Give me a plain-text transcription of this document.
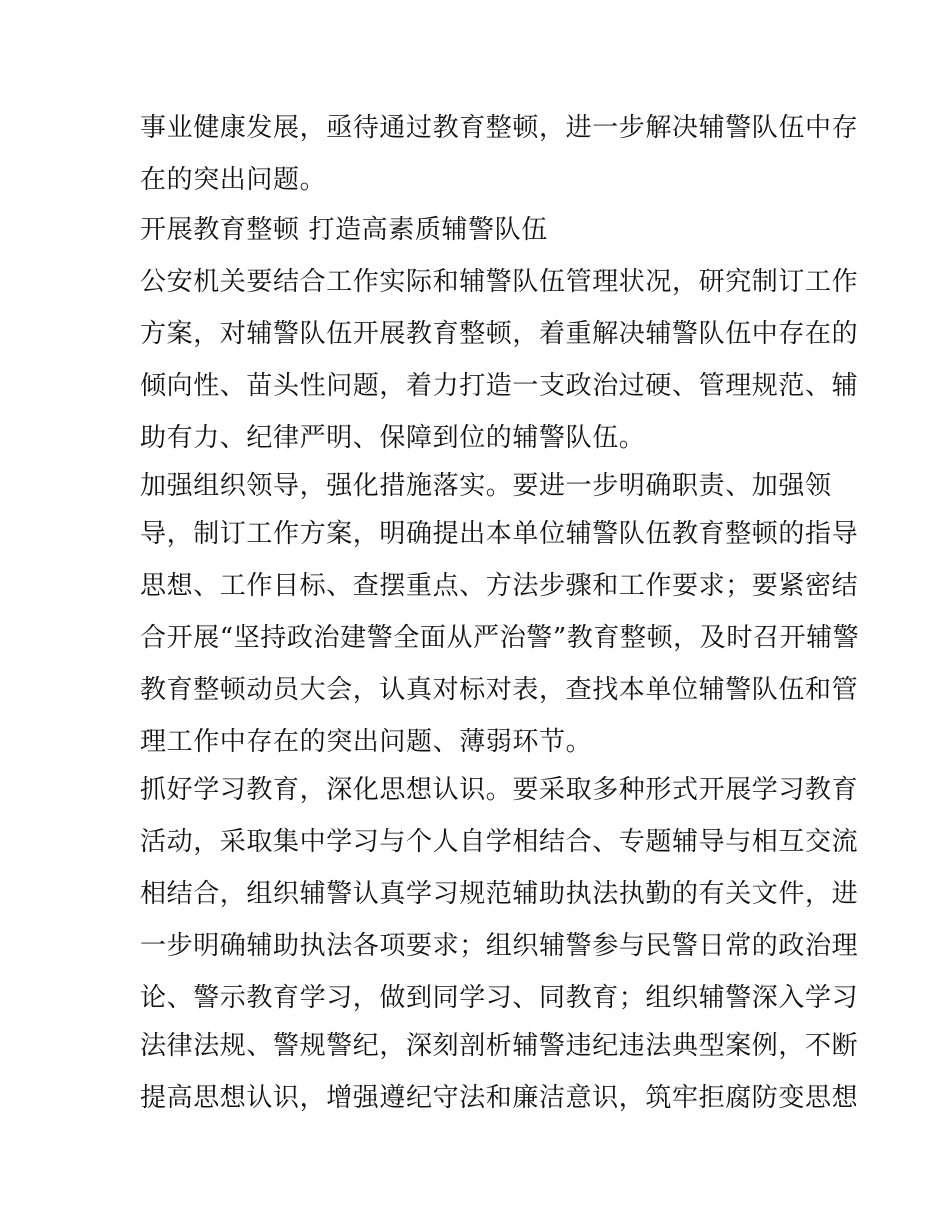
事业健康发展，亟待通过教育整顿，进一步解决辅警队伍中存
在的突出问题。
开展教育整顿 打造高素质辅警队伍
公安机关要结合工作实际和辅警队伍管理状况，研究制订工作
方案，对辅警队伍开展教育整顿，着重解决辅警队伍中存在的
倾向性、苗头性问题，着力打造一支政治过硬、管理规范、辅
助有力、纪律严明、保障到位的辅警队伍。
加强组织领导，强化措施落实。要进一步明确职责、加强领
导，制订工作方案，明确提出本单位辅警队伍教育整顿的指导
思想、工作目标、查摆重点、方法步骤和工作要求；要紧密结
合开展“坚持政治建警全面从严治警”教育整顿，及时召开辅警
教育整顿动员大会，认真对标对表，查找本单位辅警队伍和管
理工作中存在的突出问题、薄弱环节。
抓好学习教育，深化思想认识。要采取多种形式开展学习教育
活动，采取集中学习与个人自学相结合、专题辅导与相互交流
相结合，组织辅警认真学习规范辅助执法执勤的有关文件，进
一步明确辅助执法各项要求；组织辅警参与民警日常的政治理
论、警示教育学习，做到同学习、同教育；组织辅警深入学习
法律法规、警规警纪，深刻剖析辅警违纪违法典型案例，不断
提高思想认识，增强遵纪守法和廉洁意识，筑牢拒腐防变思想
